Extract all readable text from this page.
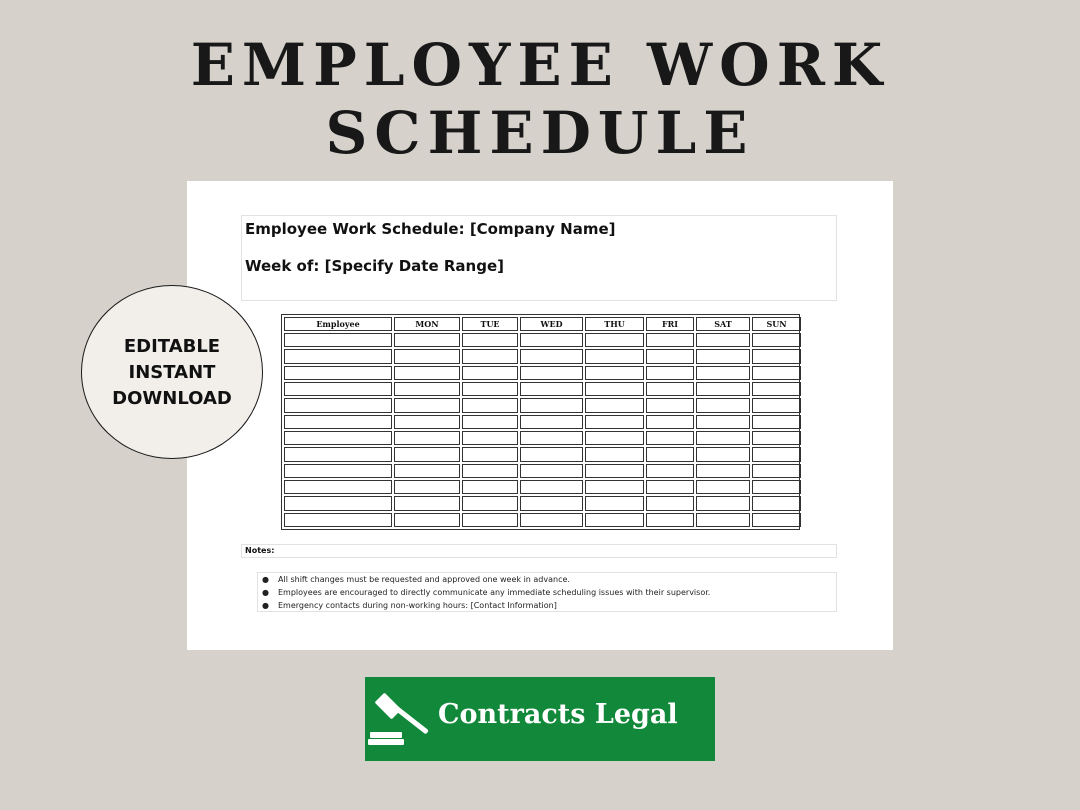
EMPLOYEE WORK
SCHEDULE
Employee Work Schedule: [Company Name]
Week of: [Specify Date Range]
Employee	MON	TUE	WED	THU	FRI	SAT	SUN

Notes:
● All shift changes must be requested and approved one week in advance.
● Employees are encouraged to directly communicate any immediate scheduling issues with their supervisor.
● Emergency contacts during non-working hours: [Contact Information]
EDITABLE
INSTANT
DOWNLOAD
Contracts Legal
